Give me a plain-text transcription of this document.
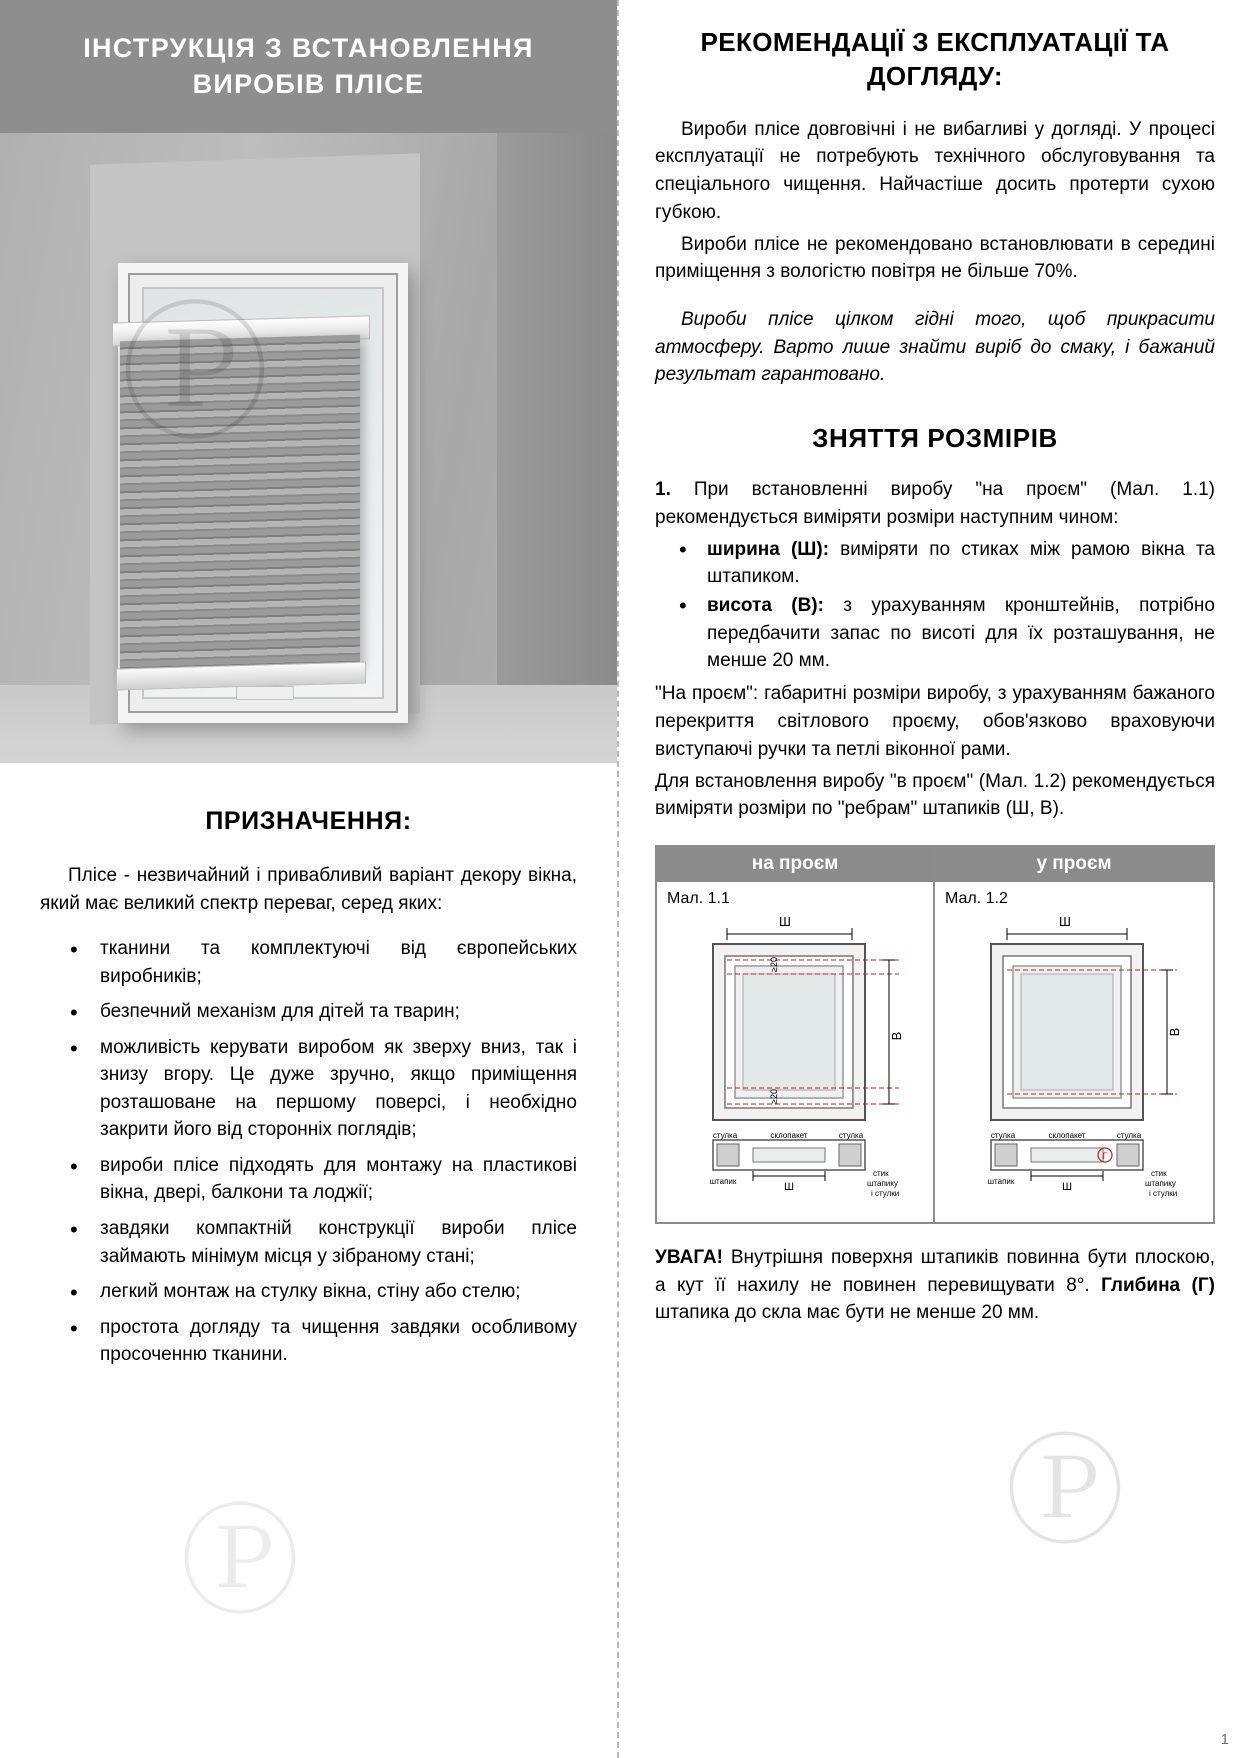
ІНСТРУКЦІЯ З ВСТАНОВЛЕННЯ ВИРОБІВ ПЛІСЕ
Ⓟ
ПРИЗНАЧЕННЯ:

Пліcе - незвичайний і привабливий варіант декору вікна, який має великий спектр переваг, серед яких:

• тканини та комплектуючі від європейських виробників;
• безпечний механізм для дітей та тварин;
• можливість керувати виробом як зверху вниз, так і знизу вгору. Це дуже зручно, якщо приміщення розташоване на першому поверсі, і необхідно закрити його від сторонніх поглядів;
• вироби пліcе підходять для монтажу на пластикові вікна, двері, балкони та лоджії;
• завдяки компактній конструкції вироби пліcе займають мінімум місця у зібраному стані;
• легкий монтаж на стулку вікна, стіну або стелю;
• простота догляду та чищення завдяки особливому просоченню тканини.
Ⓟ
РЕКОМЕНДАЦІЇ З ЕКСПЛУАТАЦІЇ ТА ДОГЛЯДУ:

Вироби пліcе довговічні і не вибагливі у догляді. У процесі експлуатації не потребують технічного обслуговування та спеціального чищення. Найчастіше досить протерти сухою губкою.

Вироби пліcе не рекомендовано встановлювати в середині приміщення з вологістю повітря не більше 70%.

Вироби пліcе цілком гідні того, щоб прикрасити атмосферу. Варто лише знайти виріб до смаку, і бажаний результат гарантовано.

ЗНЯТТЯ РОЗМІРІВ

1. При встановленні виробу "на проєм" (Мал. 1.1) рекомендується виміряти розміри наступним чином:

• ширина (Ш): виміряти по стиках між рамою вікна та штапиком.
• висота (В): з урахуванням кронштейнів, потрібно передбачити запас по висоті для їх розташування, не менше 20 мм.

"На проєм": габаритні розміри виробу, з урахуванням бажаного перекриття світлового проєму, обов'язково враховуючи виступаючі ручки та петлі віконної рами.

Для встановлення виробу "в проєм" (Мал. 1.2) рекомендується виміряти розміри по "ребрам" штапиків (Ш, В).

на проєм
Мал. 1.1
Ш
≥20
≥20
В
склопакет
стулка	стулка
штапик	Ш
стик
штапику
і стулки
у проєм
Мал. 1.2
Ш
В
склопакет
стулка	стулка
штапик
Г
Ш
стик
штапику
і стулки

УВАГА! Внутрішня поверхня штапиків повинна бути плоскою, а кут її нахилу не повинен перевищувати 8°. Глибина (Г) штапика до скла має бути не менше 20 мм.

Ⓟ
1
